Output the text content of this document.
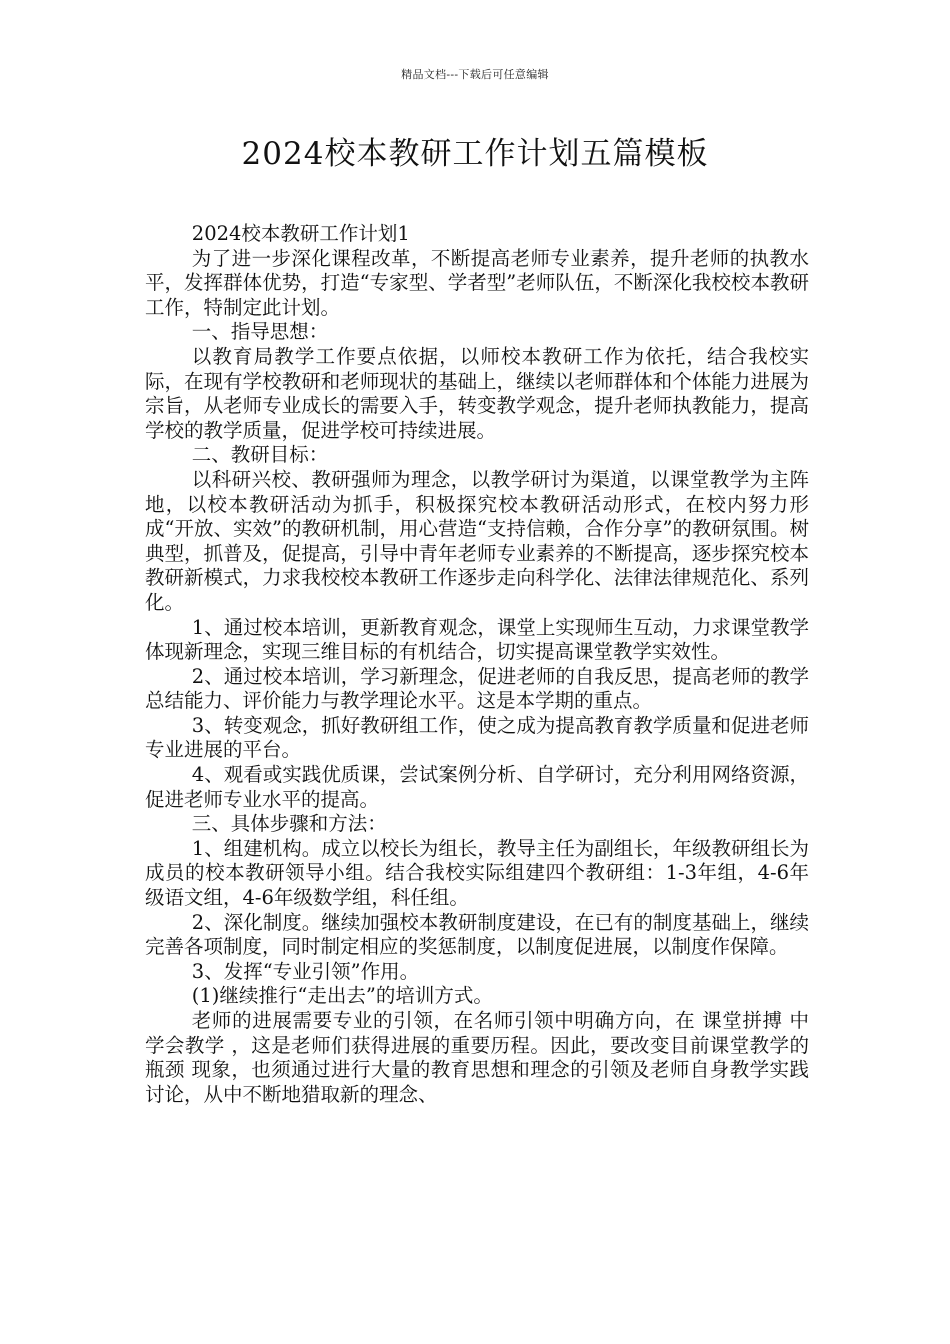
精品文档---下载后可任意编辑
2024校本教研工作计划五篇模板

2024校本教研工作计划1

为了进一步深化课程改革，不断提高老师专业素养，提升老师的执教水平，发挥群体优势，打造“专家型、学者型”老师队伍，不断深化我校校本教研工作，特制定此计划。

一、指导思想：

以教育局教学工作要点依据，以师校本教研工作为依托，结合我校实际，在现有学校教研和老师现状的基础上，继续以老师群体和个体能力进展为宗旨，从老师专业成长的需要入手，转变教学观念，提升老师执教能力，提高学校的教学质量，促进学校可持续进展。

二、教研目标：

以科研兴校、教研强师为理念，以教学研讨为渠道，以课堂教学为主阵地，以校本教研活动为抓手，积极探究校本教研活动形式，在校内努力形成“开放、实效”的教研机制，用心营造“支持信赖，合作分享”的教研氛围。树典型，抓普及，促提高，引导中青年老师专业素养的不断提高，逐步探究校本教研新模式，力求我校校本教研工作逐步走向科学化、法律法律规范化、系列化。

1、通过校本培训，更新教育观念，课堂上实现师生互动，力求课堂教学体现新理念，实现三维目标的有机结合，切实提高课堂教学实效性。

2、通过校本培训，学习新理念，促进老师的自我反思，提高老师的教学总结能力、评价能力与教学理论水平。这是本学期的重点。

3、转变观念，抓好教研组工作，使之成为提高教育教学质量和促进老师专业进展的平台。

4、观看或实践优质课，尝试案例分析、自学研讨，充分利用网络资源，促进老师专业水平的提高。

三、具体步骤和方法：

1、组建机构。成立以校长为组长，教导主任为副组长，年级教研组长为成员的校本教研领导小组。结合我校实际组建四个教研组：1-3年组，4-6年级语文组，4-6年级数学组，科任组。

2、深化制度。继续加强校本教研制度建设，在已有的制度基础上，继续完善各项制度，同时制定相应的奖惩制度，以制度促进展，以制度作保障。

3、发挥“专业引领”作用。

(1)继续推行“走出去”的培训方式。

老师的进展需要专业的引领，在名师引领中明确方向，在 课堂拼搏 中 学会教学 ，这是老师们获得进展的重要历程。因此，要改变目前课堂教学的 瓶颈 现象，也须通过进行大量的教育思想和理念的引领及老师自身教学实践讨论，从中不断地猎取新的理念、
